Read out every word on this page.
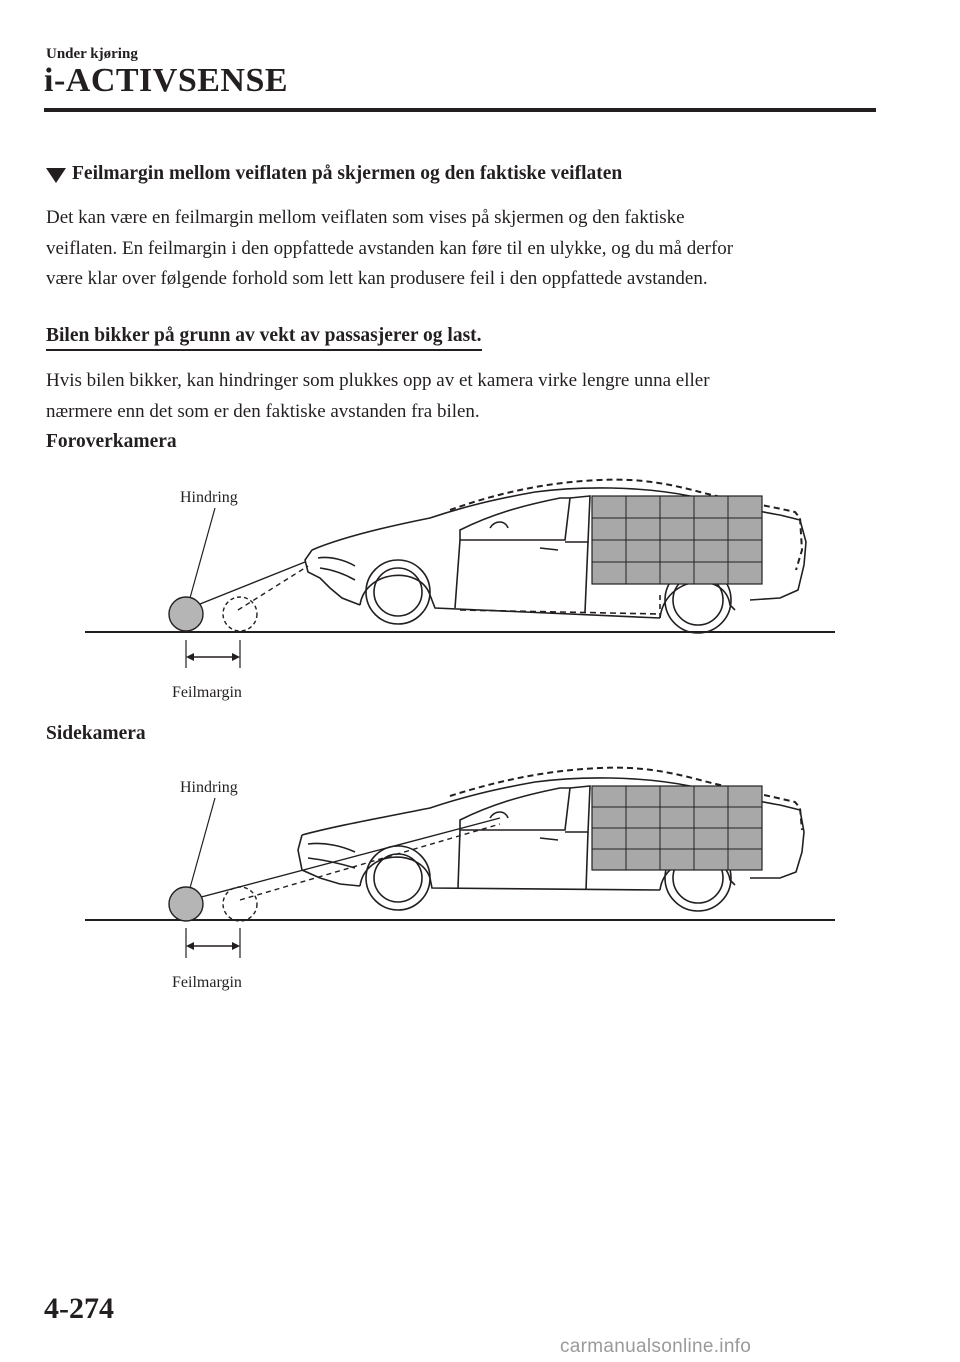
Under kjøring
i-ACTIVSENSE
Feilmargin mellom veiflaten på skjermen og den faktiske veiflaten
Det kan være en feilmargin mellom veiflaten som vises på skjermen og den faktiske
veiflaten. En feilmargin i den oppfattede avstanden kan føre til en ulykke, og du må derfor
være klar over følgende forhold som lett kan produsere feil i den oppfattede avstanden.
Bilen bikker på grunn av vekt av passasjerer og last.
Hvis bilen bikker, kan hindringer som plukkes opp av et kamera virke lengre unna eller
nærmere enn det som er den faktiske avstanden fra bilen.
Foroverkamera
Hindring
Feilmargin
Sidekamera
Hindring
Feilmargin
4-274
carmanualsonline.info
